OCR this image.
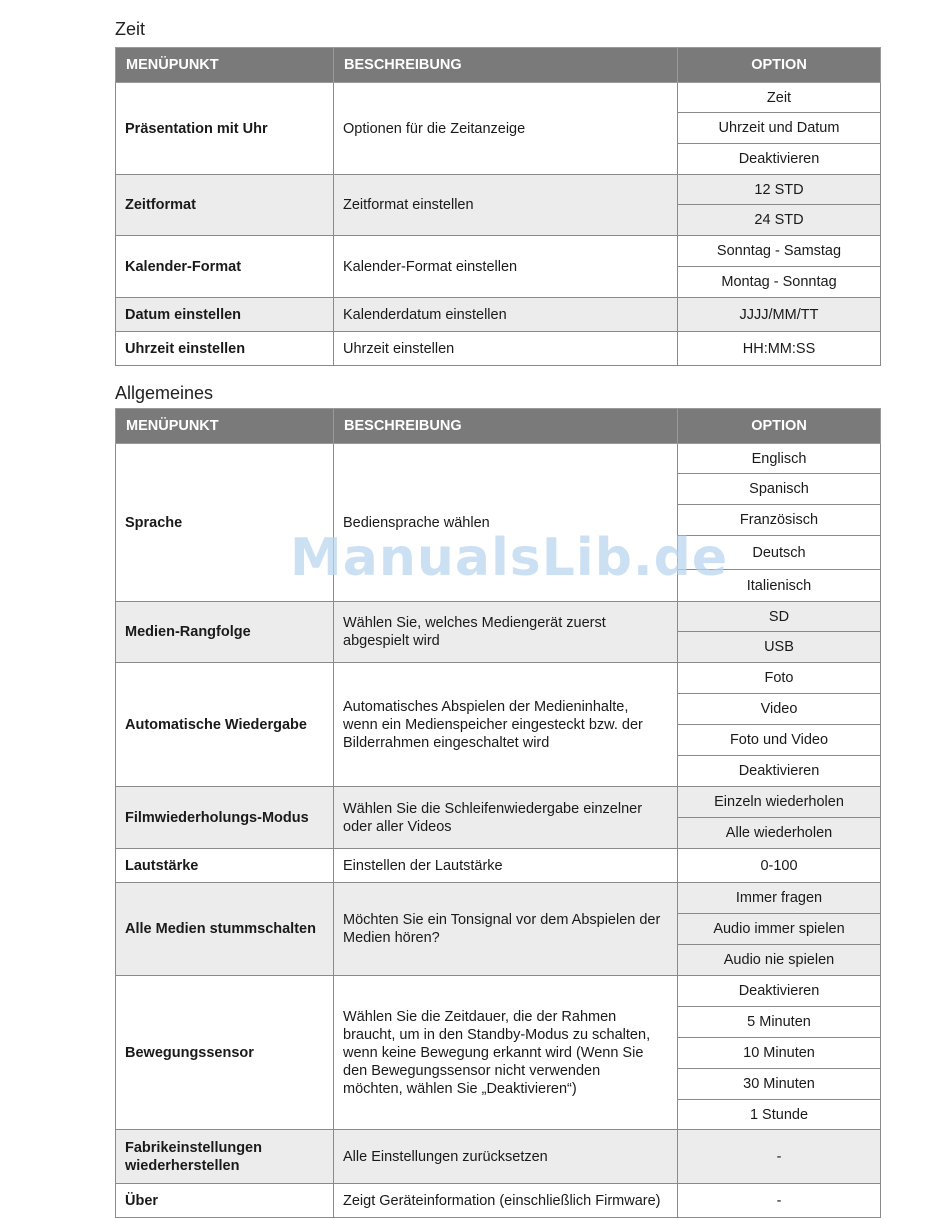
Zeit
MENÜPUNKT	BESCHREIBUNG	OPTION
Präsentation mit Uhr	Optionen für die Zeitanzeige	Zeit
		Uhrzeit und Datum
		Deaktivieren
Zeitformat	Zeitformat einstellen	12 STD
		24 STD
Kalender-Format	Kalender-Format einstellen	Sonntag - Samstag
		Montag - Sonntag
Datum einstellen	Kalenderdatum einstellen	JJJJ/MM/TT
Uhrzeit einstellen	Uhrzeit einstellen	HH:MM:SS
Allgemeines
MENÜPUNKT	BESCHREIBUNG	OPTION
Sprache	Bediensprache wählen	Englisch
		Spanisch
		Französisch
		Deutsch
		Italienisch
Medien-Rangfolge	Wählen Sie, welches Mediengerät zuerst abgespielt wird	SD
		USB
Automatische Wiedergabe	Automatisches Abspielen der Medieninhalte, wenn ein Medienspeicher eingesteckt bzw. der Bilderrahmen eingeschaltet wird	Foto
		Video
		Foto und Video
		Deaktivieren
Filmwiederholungs-Modus	Wählen Sie die Schleifenwiedergabe einzelner oder aller Videos	Einzeln wiederholen
		Alle wiederholen
Lautstärke	Einstellen der Lautstärke	0-100
Alle Medien stummschalten	Möchten Sie ein Tonsignal vor dem Abspielen der Medien hören?	Immer fragen
		Audio immer spielen
		Audio nie spielen
Bewegungssensor	Wählen Sie die Zeitdauer, die der Rahmen braucht, um in den Standby-Modus zu schalten, wenn keine Bewegung erkannt wird (Wenn Sie den Bewegungssensor nicht verwenden möchten, wählen Sie „Deaktivieren“)	Deaktivieren
		5 Minuten
		10 Minuten
		30 Minuten
		1 Stunde
Fabrikeinstellungen wiederherstellen	Alle Einstellungen zurücksetzen	-
Über	Zeigt Geräteinformation (einschließlich Firmware)	-
ManualsLib.de
